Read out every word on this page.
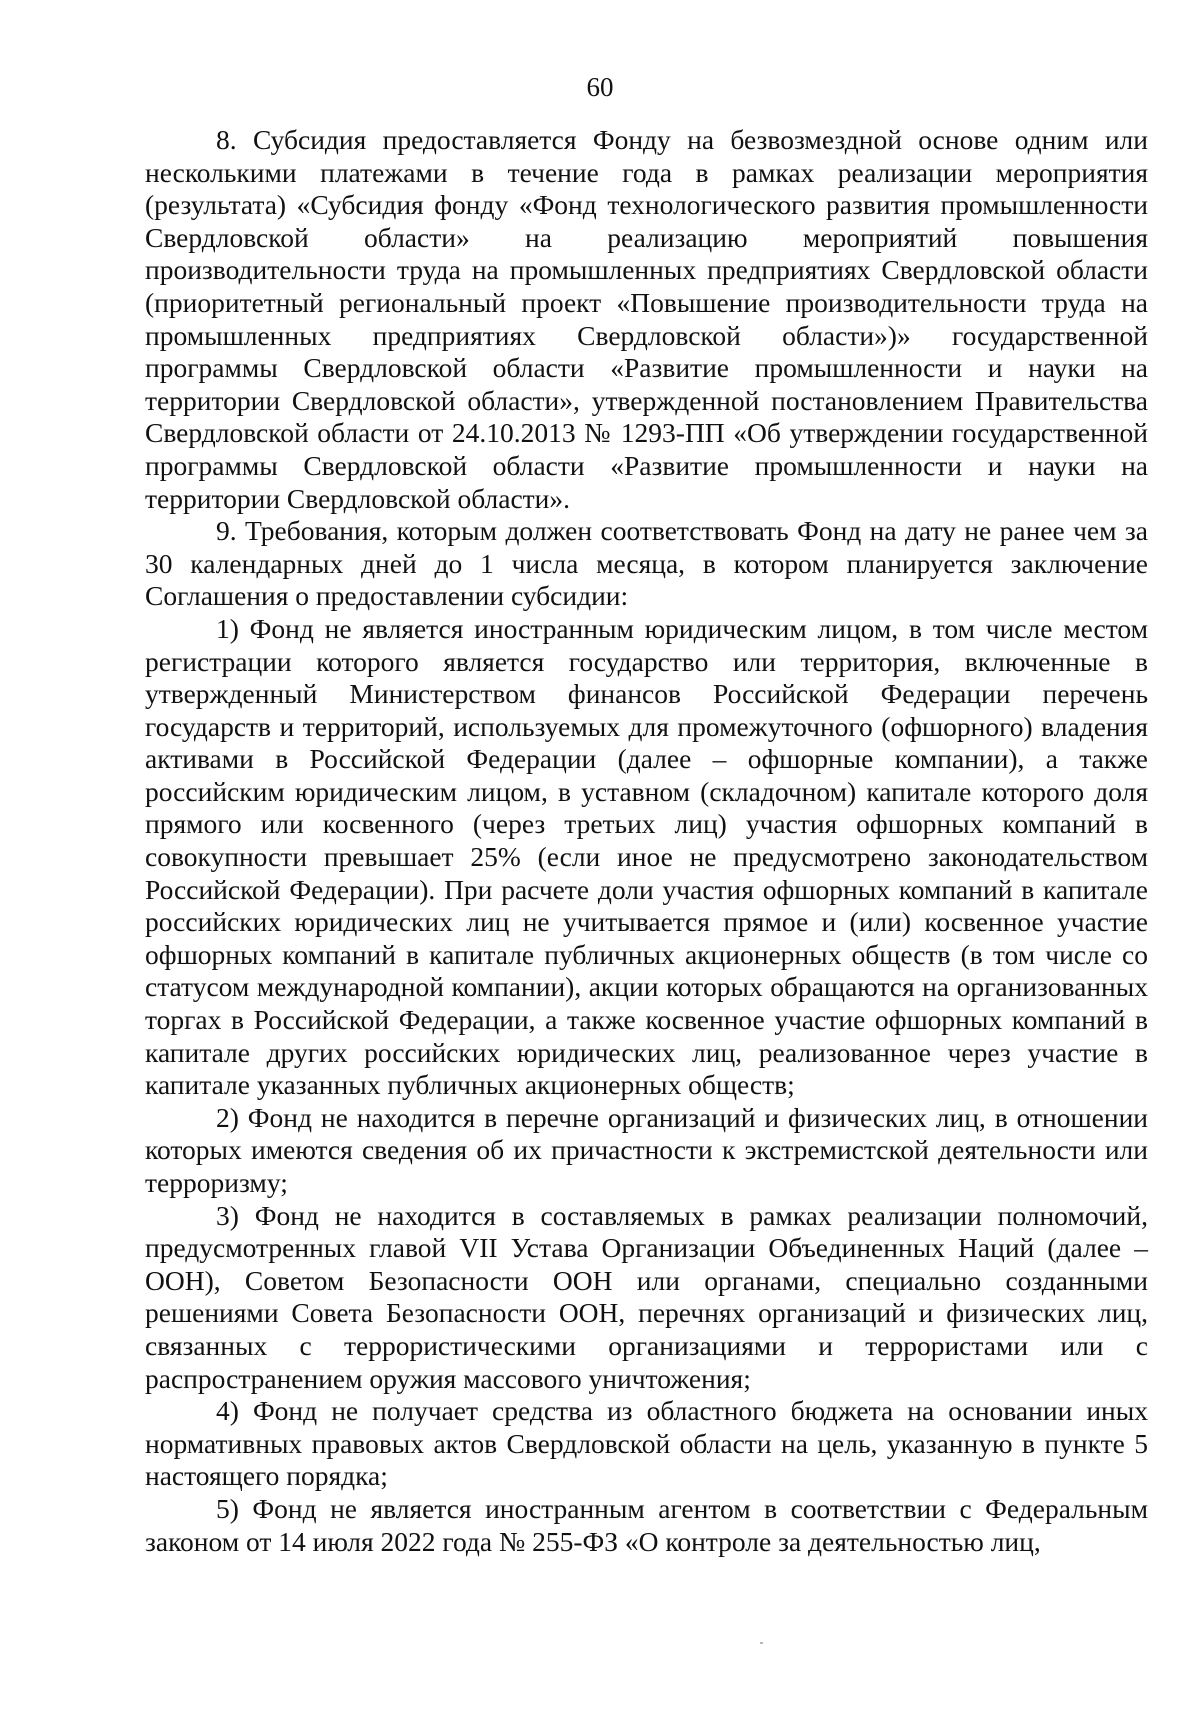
60

8. Субсидия предоставляется Фонду на безвозмездной основе одним или несколькими платежами в течение года в рамках реализации мероприятия (результата) «Субсидия фонду «Фонд технологического развития промышленности Свердловской области» на реализацию мероприятий повышения производительности труда на промышленных предприятиях Свердловской области (приоритетный региональный проект «Повышение производительности труда на промышленных предприятиях Свердловской области»)» государственной программы Свердловской области «Развитие промышленности и науки на территории Свердловской области», утвержденной постановлением Правительства Свердловской области от 24.10.2013 № 1293-ПП «Об утверждении государственной программы Свердловской области «Развитие промышленности и науки на территории Свердловской области».

9. Требования, которым должен соответствовать Фонд на дату не ранее чем за 30 календарных дней до 1 числа месяца, в котором планируется заключение Соглашения о предоставлении субсидии:

1) Фонд не является иностранным юридическим лицом, в том числе местом регистрации которого является государство или территория, включенные в утвержденный Министерством финансов Российской Федерации перечень государств и территорий, используемых для промежуточного (офшорного) владения активами в Российской Федерации (далее – офшорные компании), а также российским юридическим лицом, в уставном (складочном) капитале которого доля прямого или косвенного (через третьих лиц) участия офшорных компаний в совокупности превышает 25% (если иное не предусмотрено законодательством Российской Федерации). При расчете доли участия офшорных компаний в капитале российских юридических лиц не учитывается прямое и (или) косвенное участие офшорных компаний в капитале публичных акционерных обществ (в том числе со статусом международной компании), акции которых обращаются на организованных торгах в Российской Федерации, а также косвенное участие офшорных компаний в капитале других российских юридических лиц, реализованное через участие в капитале указанных публичных акционерных обществ;

2) Фонд не находится в перечне организаций и физических лиц, в отношении которых имеются сведения об их причастности к экстремистской деятельности или терроризму;

3) Фонд не находится в составляемых в рамках реализации полномочий, предусмотренных главой VII Устава Организации Объединенных Наций (далее – ООН), Советом Безопасности ООН или органами, специально созданными решениями Совета Безопасности ООН, перечнях организаций и физических лиц, связанных с террористическими организациями и террористами или с распространением оружия массового уничтожения;

4) Фонд не получает средства из областного бюджета на основании иных нормативных правовых актов Свердловской области на цель, указанную в пункте 5 настоящего порядка;

5) Фонд не является иностранным агентом в соответствии с Федеральным законом от 14 июля 2022 года № 255-ФЗ «О контроле за деятельностью лиц,
